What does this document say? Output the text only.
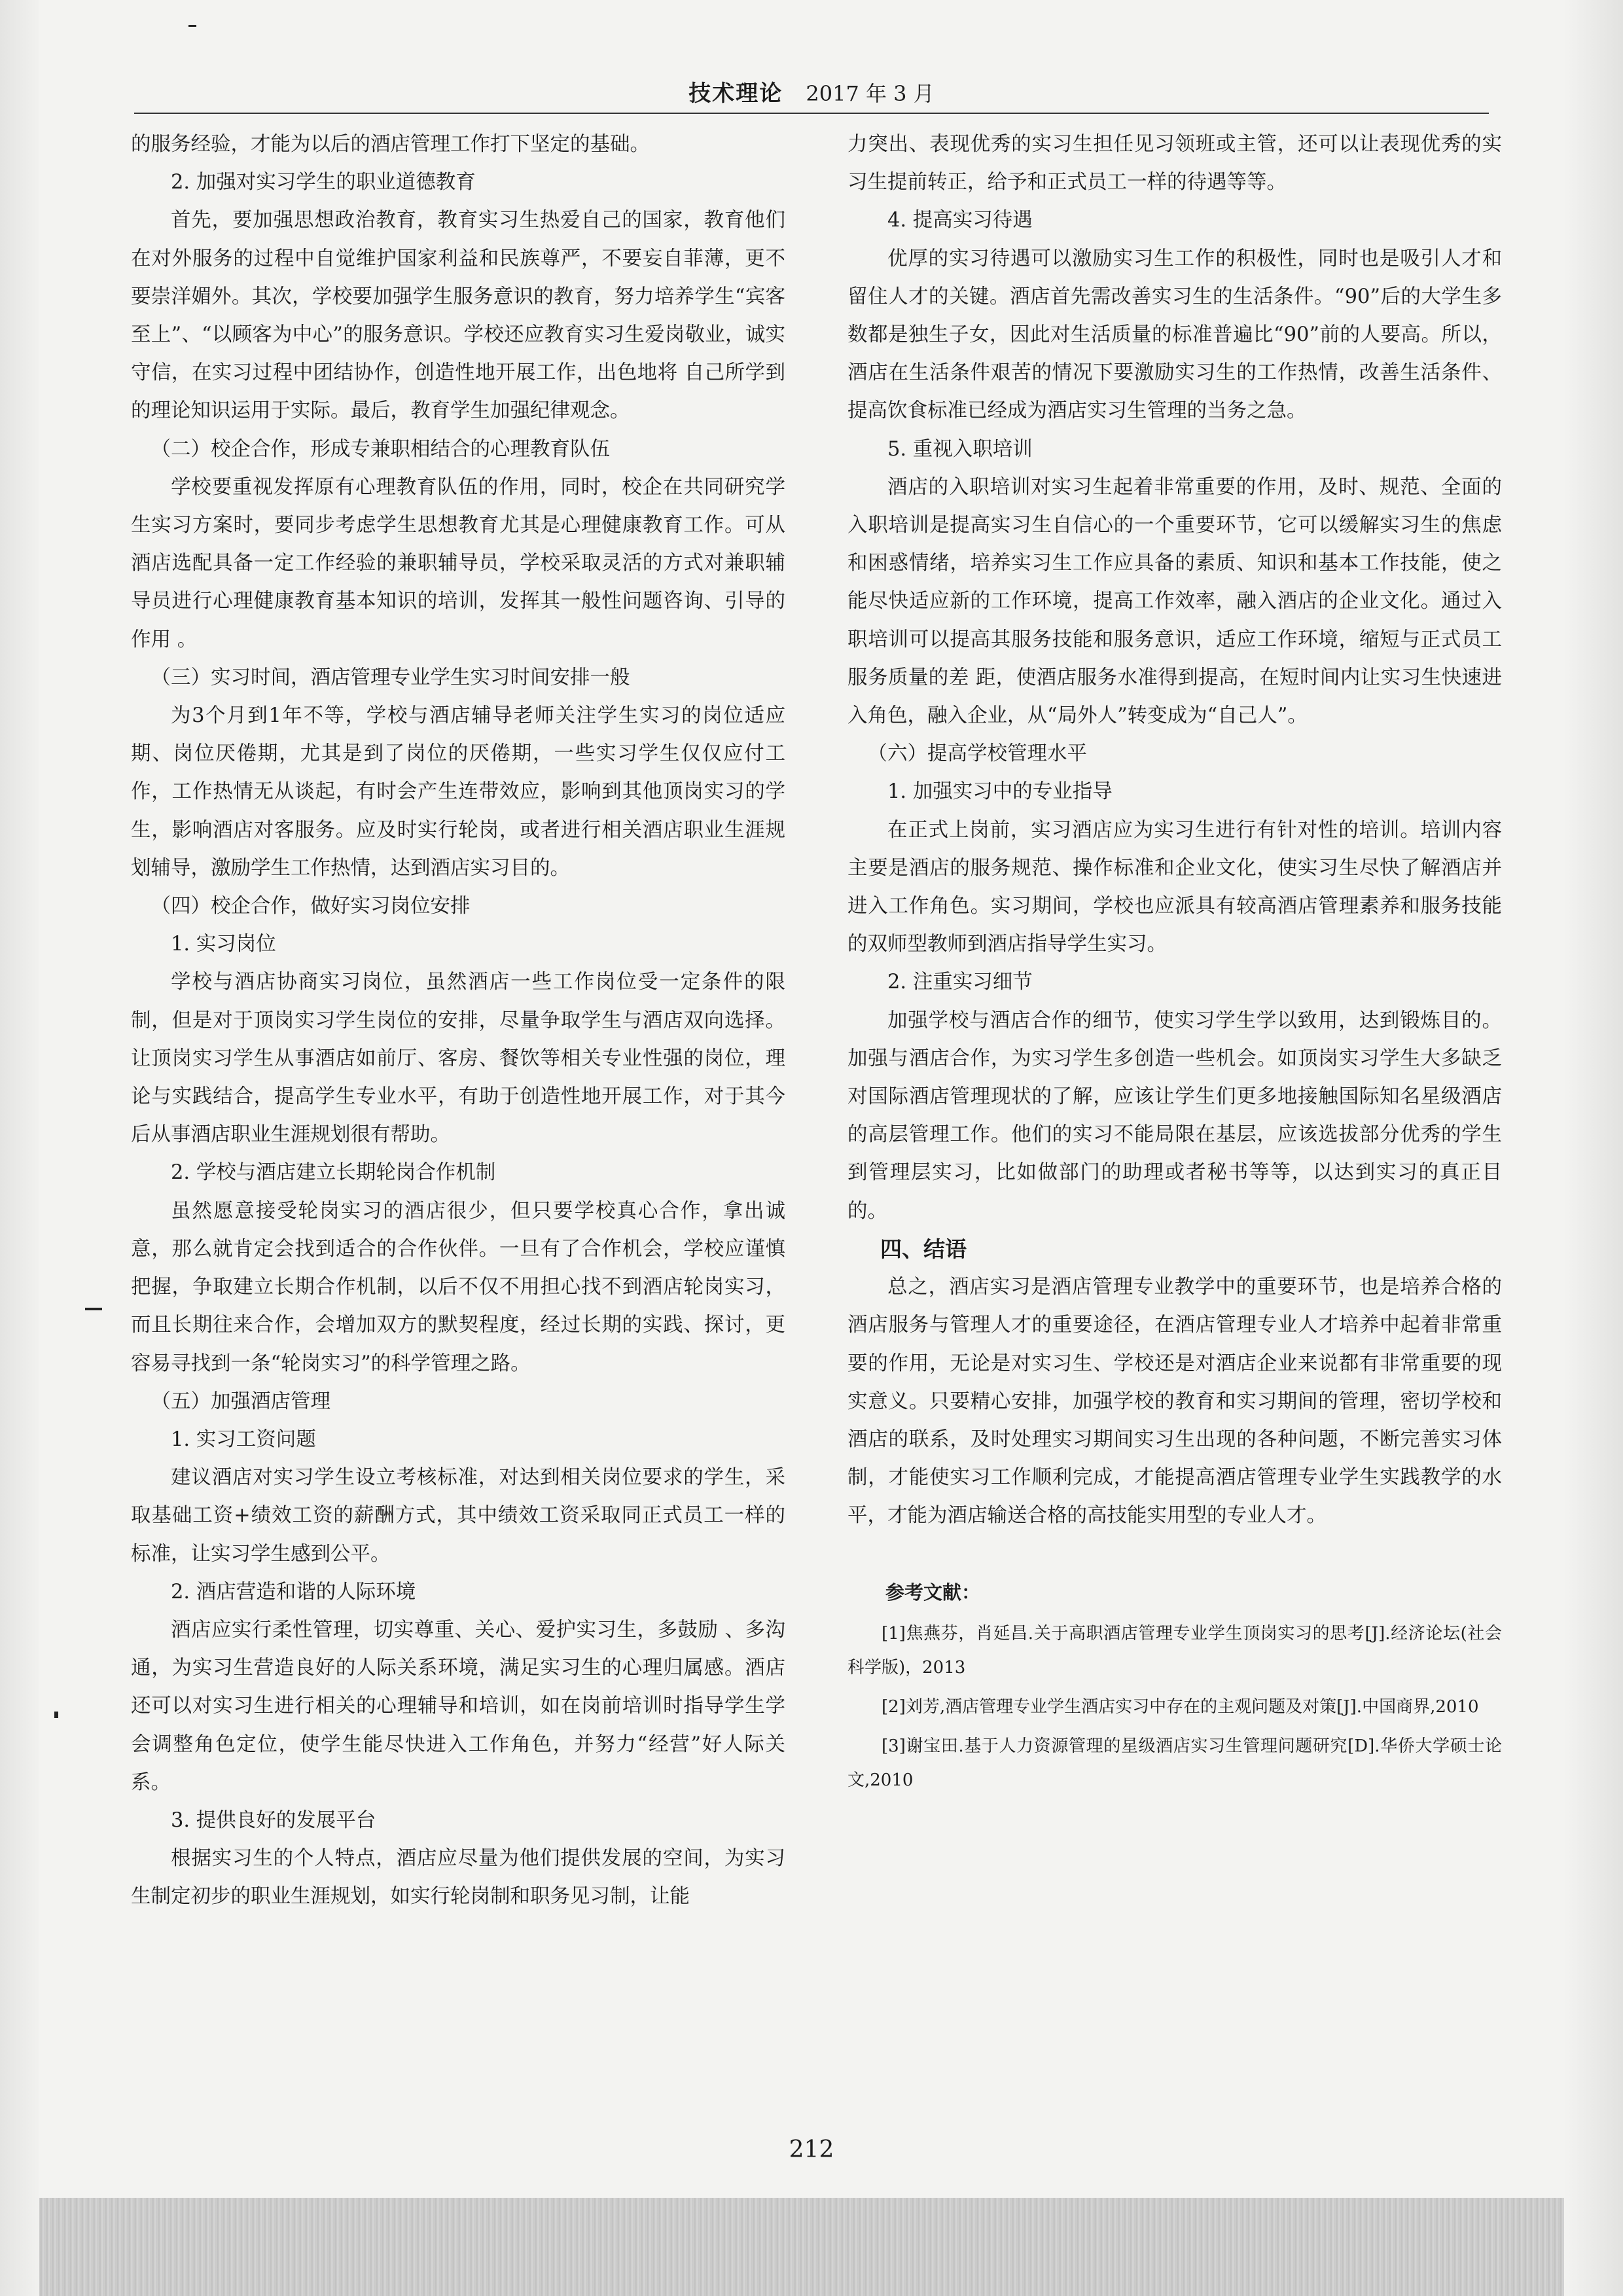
技术理论 2017 年 3 月

的服务经验，才能为以后的酒店管理工作打下坚定的基础。

2. 加强对实习学生的职业道德教育

首先，要加强思想政治教育，教育实习生热爱自己的国家，教育他们在对外服务的过程中自觉维护国家利益和民族尊严，不要妄自菲薄，更不要崇洋媚外。其次，学校要加强学生服务意识的教育，努力培养学生“宾客至上”、“以顾客为中心”的服务意识。学校还应教育实习生爱岗敬业，诚实守信，在实习过程中团结协作，创造性地开展工作，出色地将 自己所学到的理论知识运用于实际。最后，教育学生加强纪律观念。

（二）校企合作，形成专兼职相结合的心理教育队伍

学校要重视发挥原有心理教育队伍的作用，同时，校企在共同研究学生实习方案时，要同步考虑学生思想教育尤其是心理健康教育工作。可从酒店选配具备一定工作经验的兼职辅导员，学校采取灵活的方式对兼职辅导员进行心理健康教育基本知识的培训，发挥其一般性问题咨询、引导的作用 。

（三）实习时间，酒店管理专业学生实习时间安排一般

为3个月到1年不等，学校与酒店辅导老师关注学生实习的岗位适应期、岗位厌倦期，尤其是到了岗位的厌倦期，一些实习学生仅仅应付工作，工作热情无从谈起，有时会产生连带效应，影响到其他顶岗实习的学生，影响酒店对客服务。应及时实行轮岗，或者进行相关酒店职业生涯规划辅导，激励学生工作热情，达到酒店实习目的。

（四）校企合作，做好实习岗位安排

1. 实习岗位

学校与酒店协商实习岗位，虽然酒店一些工作岗位受一定条件的限制，但是对于顶岗实习学生岗位的安排，尽量争取学生与酒店双向选择。让顶岗实习学生从事酒店如前厅、客房、餐饮等相关专业性强的岗位，理论与实践结合，提高学生专业水平，有助于创造性地开展工作，对于其今后从事酒店职业生涯规划很有帮助。

2. 学校与酒店建立长期轮岗合作机制

虽然愿意接受轮岗实习的酒店很少，但只要学校真心合作，拿出诚意，那么就肯定会找到适合的合作伙伴。一旦有了合作机会，学校应谨慎把握，争取建立长期合作机制，以后不仅不用担心找不到酒店轮岗实习，而且长期往来合作，会增加双方的默契程度，经过长期的实践、探讨，更容易寻找到一条“轮岗实习”的科学管理之路。

（五）加强酒店管理

1. 实习工资问题

建议酒店对实习学生设立考核标准，对达到相关岗位要求的学生，采取基础工资+绩效工资的薪酬方式，其中绩效工资采取同正式员工一样的标准，让实习学生感到公平。

2. 酒店营造和谐的人际环境

酒店应实行柔性管理，切实尊重、关心、爱护实习生，多鼓励 、多沟通，为实习生营造良好的人际关系环境，满足实习生的心理归属感。酒店还可以对实习生进行相关的心理辅导和培训，如在岗前培训时指导学生学会调整角色定位，使学生能尽快进入工作角色，并努力“经营”好人际关系。

3. 提供良好的发展平台

根据实习生的个人特点，酒店应尽量为他们提供发展的空间，为实习生制定初步的职业生涯规划，如实行轮岗制和职务见习制，让能

力突出、表现优秀的实习生担任见习领班或主管，还可以让表现优秀的实习生提前转正，给予和正式员工一样的待遇等等。

4. 提高实习待遇

优厚的实习待遇可以激励实习生工作的积极性，同时也是吸引人才和留住人才的关键。酒店首先需改善实习生的生活条件。“90”后的大学生多数都是独生子女，因此对生活质量的标准普遍比“90”前的人要高。所以，酒店在生活条件艰苦的情况下要激励实习生的工作热情，改善生活条件、提高饮食标准已经成为酒店实习生管理的当务之急。

5. 重视入职培训

酒店的入职培训对实习生起着非常重要的作用，及时、规范、全面的入职培训是提高实习生自信心的一个重要环节，它可以缓解实习生的焦虑和困惑情绪，培养实习生工作应具备的素质、知识和基本工作技能，使之能尽快适应新的工作环境，提高工作效率，融入酒店的企业文化。通过入职培训可以提高其服务技能和服务意识，适应工作环境，缩短与正式员工服务质量的差 距，使酒店服务水准得到提高，在短时间内让实习生快速进入角色，融入企业，从“局外人”转变成为“自己人”。

（六）提高学校管理水平

1. 加强实习中的专业指导

在正式上岗前，实习酒店应为实习生进行有针对性的培训。培训内容主要是酒店的服务规范、操作标准和企业文化，使实习生尽快了解酒店并进入工作角色。实习期间，学校也应派具有较高酒店管理素养和服务技能的双师型教师到酒店指导学生实习。

2. 注重实习细节

加强学校与酒店合作的细节，使实习学生学以致用，达到锻炼目的。加强与酒店合作，为实习学生多创造一些机会。如顶岗实习学生大多缺乏对国际酒店管理现状的了解，应该让学生们更多地接触国际知名星级酒店的高层管理工作。他们的实习不能局限在基层，应该选拔部分优秀的学生到管理层实习，比如做部门的助理或者秘书等等，以达到实习的真正目的。

四、结语

总之，酒店实习是酒店管理专业教学中的重要环节，也是培养合格的酒店服务与管理人才的重要途径，在酒店管理专业人才培养中起着非常重要的作用，无论是对实习生、学校还是对酒店企业来说都有非常重要的现实意义。只要精心安排，加强学校的教育和实习期间的管理，密切学校和酒店的联系，及时处理实习期间实习生出现的各种问题，不断完善实习体制，才能使实习工作顺利完成，才能提高酒店管理专业学生实践教学的水平，才能为酒店输送合格的高技能实用型的专业人才。

参考文献：

[1]焦燕芬，肖延昌.关于高职酒店管理专业学生顶岗实习的思考[J].经济论坛(社会科学版)，2013

[2]刘芳,酒店管理专业学生酒店实习中存在的主观问题及对策[J].中国商界,2010

[3]谢宝田.基于人力资源管理的星级酒店实习生管理问题研究[D].华侨大学硕士论文,2010

212
